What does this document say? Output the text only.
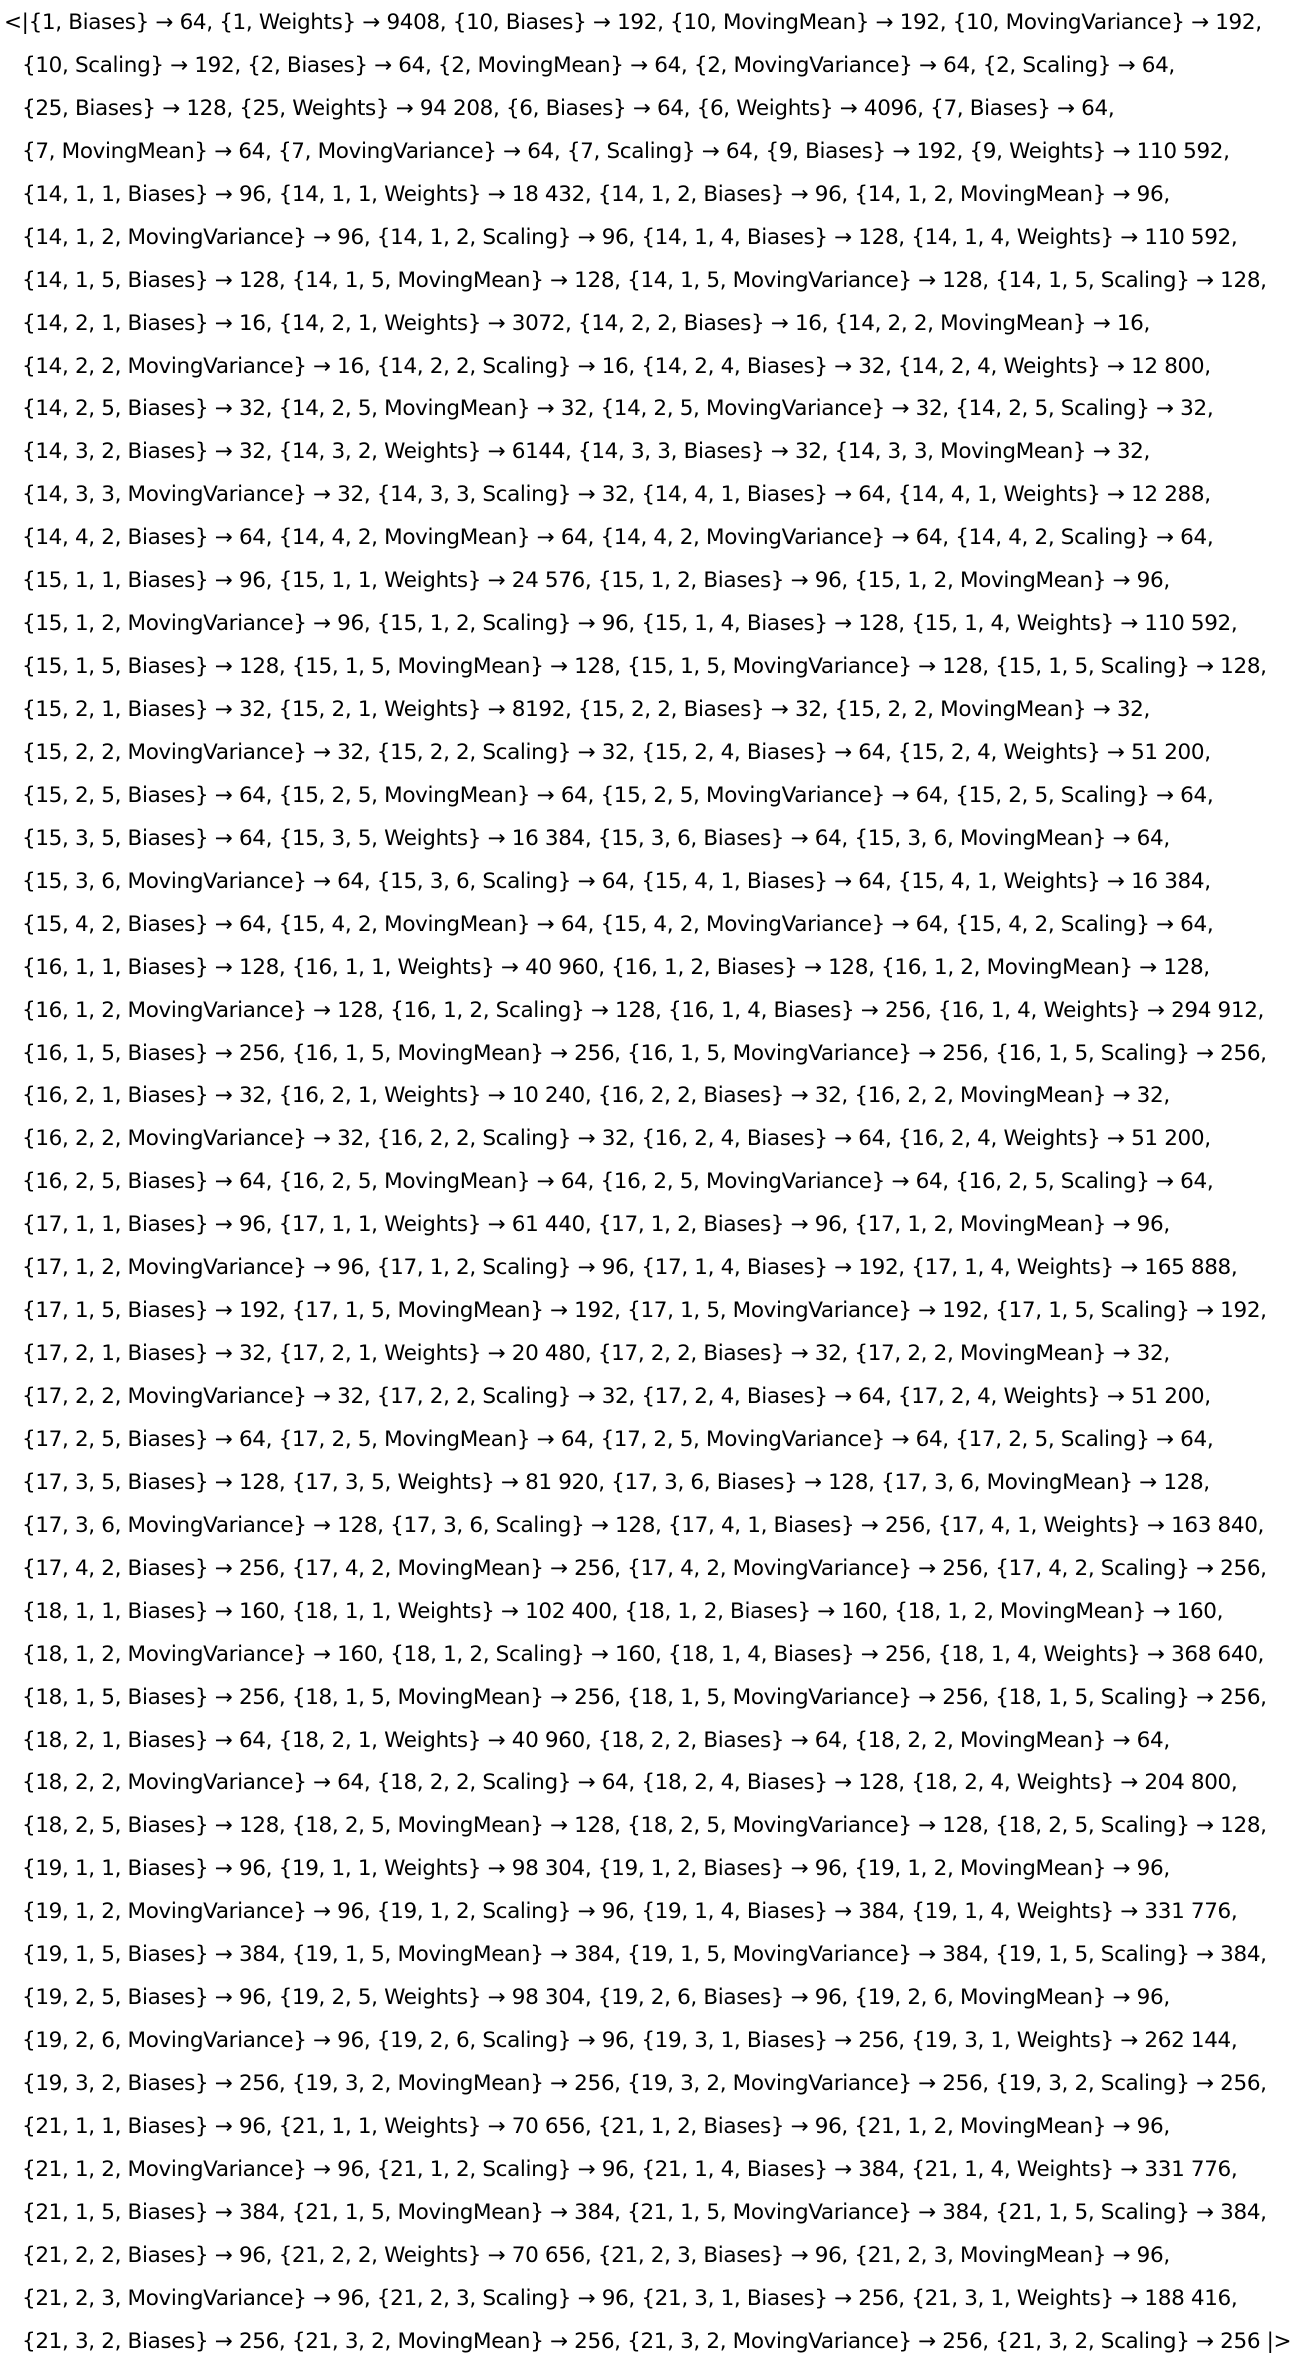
<|{1, Biases} → 64, {1, Weights} → 9408, {10, Biases} → 192, {10, MovingMean} → 192, {10, MovingVariance} → 192,
{10, Scaling} → 192, {2, Biases} → 64, {2, MovingMean} → 64, {2, MovingVariance} → 64, {2, Scaling} → 64,
{25, Biases} → 128, {25, Weights} → 94 208, {6, Biases} → 64, {6, Weights} → 4096, {7, Biases} → 64,
{7, MovingMean} → 64, {7, MovingVariance} → 64, {7, Scaling} → 64, {9, Biases} → 192, {9, Weights} → 110 592,
{14, 1, 1, Biases} → 96, {14, 1, 1, Weights} → 18 432, {14, 1, 2, Biases} → 96, {14, 1, 2, MovingMean} → 96,
{14, 1, 2, MovingVariance} → 96, {14, 1, 2, Scaling} → 96, {14, 1, 4, Biases} → 128, {14, 1, 4, Weights} → 110 592,
{14, 1, 5, Biases} → 128, {14, 1, 5, MovingMean} → 128, {14, 1, 5, MovingVariance} → 128, {14, 1, 5, Scaling} → 128,
{14, 2, 1, Biases} → 16, {14, 2, 1, Weights} → 3072, {14, 2, 2, Biases} → 16, {14, 2, 2, MovingMean} → 16,
{14, 2, 2, MovingVariance} → 16, {14, 2, 2, Scaling} → 16, {14, 2, 4, Biases} → 32, {14, 2, 4, Weights} → 12 800,
{14, 2, 5, Biases} → 32, {14, 2, 5, MovingMean} → 32, {14, 2, 5, MovingVariance} → 32, {14, 2, 5, Scaling} → 32,
{14, 3, 2, Biases} → 32, {14, 3, 2, Weights} → 6144, {14, 3, 3, Biases} → 32, {14, 3, 3, MovingMean} → 32,
{14, 3, 3, MovingVariance} → 32, {14, 3, 3, Scaling} → 32, {14, 4, 1, Biases} → 64, {14, 4, 1, Weights} → 12 288,
{14, 4, 2, Biases} → 64, {14, 4, 2, MovingMean} → 64, {14, 4, 2, MovingVariance} → 64, {14, 4, 2, Scaling} → 64,
{15, 1, 1, Biases} → 96, {15, 1, 1, Weights} → 24 576, {15, 1, 2, Biases} → 96, {15, 1, 2, MovingMean} → 96,
{15, 1, 2, MovingVariance} → 96, {15, 1, 2, Scaling} → 96, {15, 1, 4, Biases} → 128, {15, 1, 4, Weights} → 110 592,
{15, 1, 5, Biases} → 128, {15, 1, 5, MovingMean} → 128, {15, 1, 5, MovingVariance} → 128, {15, 1, 5, Scaling} → 128,
{15, 2, 1, Biases} → 32, {15, 2, 1, Weights} → 8192, {15, 2, 2, Biases} → 32, {15, 2, 2, MovingMean} → 32,
{15, 2, 2, MovingVariance} → 32, {15, 2, 2, Scaling} → 32, {15, 2, 4, Biases} → 64, {15, 2, 4, Weights} → 51 200,
{15, 2, 5, Biases} → 64, {15, 2, 5, MovingMean} → 64, {15, 2, 5, MovingVariance} → 64, {15, 2, 5, Scaling} → 64,
{15, 3, 5, Biases} → 64, {15, 3, 5, Weights} → 16 384, {15, 3, 6, Biases} → 64, {15, 3, 6, MovingMean} → 64,
{15, 3, 6, MovingVariance} → 64, {15, 3, 6, Scaling} → 64, {15, 4, 1, Biases} → 64, {15, 4, 1, Weights} → 16 384,
{15, 4, 2, Biases} → 64, {15, 4, 2, MovingMean} → 64, {15, 4, 2, MovingVariance} → 64, {15, 4, 2, Scaling} → 64,
{16, 1, 1, Biases} → 128, {16, 1, 1, Weights} → 40 960, {16, 1, 2, Biases} → 128, {16, 1, 2, MovingMean} → 128,
{16, 1, 2, MovingVariance} → 128, {16, 1, 2, Scaling} → 128, {16, 1, 4, Biases} → 256, {16, 1, 4, Weights} → 294 912,
{16, 1, 5, Biases} → 256, {16, 1, 5, MovingMean} → 256, {16, 1, 5, MovingVariance} → 256, {16, 1, 5, Scaling} → 256,
{16, 2, 1, Biases} → 32, {16, 2, 1, Weights} → 10 240, {16, 2, 2, Biases} → 32, {16, 2, 2, MovingMean} → 32,
{16, 2, 2, MovingVariance} → 32, {16, 2, 2, Scaling} → 32, {16, 2, 4, Biases} → 64, {16, 2, 4, Weights} → 51 200,
{16, 2, 5, Biases} → 64, {16, 2, 5, MovingMean} → 64, {16, 2, 5, MovingVariance} → 64, {16, 2, 5, Scaling} → 64,
{17, 1, 1, Biases} → 96, {17, 1, 1, Weights} → 61 440, {17, 1, 2, Biases} → 96, {17, 1, 2, MovingMean} → 96,
{17, 1, 2, MovingVariance} → 96, {17, 1, 2, Scaling} → 96, {17, 1, 4, Biases} → 192, {17, 1, 4, Weights} → 165 888,
{17, 1, 5, Biases} → 192, {17, 1, 5, MovingMean} → 192, {17, 1, 5, MovingVariance} → 192, {17, 1, 5, Scaling} → 192,
{17, 2, 1, Biases} → 32, {17, 2, 1, Weights} → 20 480, {17, 2, 2, Biases} → 32, {17, 2, 2, MovingMean} → 32,
{17, 2, 2, MovingVariance} → 32, {17, 2, 2, Scaling} → 32, {17, 2, 4, Biases} → 64, {17, 2, 4, Weights} → 51 200,
{17, 2, 5, Biases} → 64, {17, 2, 5, MovingMean} → 64, {17, 2, 5, MovingVariance} → 64, {17, 2, 5, Scaling} → 64,
{17, 3, 5, Biases} → 128, {17, 3, 5, Weights} → 81 920, {17, 3, 6, Biases} → 128, {17, 3, 6, MovingMean} → 128,
{17, 3, 6, MovingVariance} → 128, {17, 3, 6, Scaling} → 128, {17, 4, 1, Biases} → 256, {17, 4, 1, Weights} → 163 840,
{17, 4, 2, Biases} → 256, {17, 4, 2, MovingMean} → 256, {17, 4, 2, MovingVariance} → 256, {17, 4, 2, Scaling} → 256,
{18, 1, 1, Biases} → 160, {18, 1, 1, Weights} → 102 400, {18, 1, 2, Biases} → 160, {18, 1, 2, MovingMean} → 160,
{18, 1, 2, MovingVariance} → 160, {18, 1, 2, Scaling} → 160, {18, 1, 4, Biases} → 256, {18, 1, 4, Weights} → 368 640,
{18, 1, 5, Biases} → 256, {18, 1, 5, MovingMean} → 256, {18, 1, 5, MovingVariance} → 256, {18, 1, 5, Scaling} → 256,
{18, 2, 1, Biases} → 64, {18, 2, 1, Weights} → 40 960, {18, 2, 2, Biases} → 64, {18, 2, 2, MovingMean} → 64,
{18, 2, 2, MovingVariance} → 64, {18, 2, 2, Scaling} → 64, {18, 2, 4, Biases} → 128, {18, 2, 4, Weights} → 204 800,
{18, 2, 5, Biases} → 128, {18, 2, 5, MovingMean} → 128, {18, 2, 5, MovingVariance} → 128, {18, 2, 5, Scaling} → 128,
{19, 1, 1, Biases} → 96, {19, 1, 1, Weights} → 98 304, {19, 1, 2, Biases} → 96, {19, 1, 2, MovingMean} → 96,
{19, 1, 2, MovingVariance} → 96, {19, 1, 2, Scaling} → 96, {19, 1, 4, Biases} → 384, {19, 1, 4, Weights} → 331 776,
{19, 1, 5, Biases} → 384, {19, 1, 5, MovingMean} → 384, {19, 1, 5, MovingVariance} → 384, {19, 1, 5, Scaling} → 384,
{19, 2, 5, Biases} → 96, {19, 2, 5, Weights} → 98 304, {19, 2, 6, Biases} → 96, {19, 2, 6, MovingMean} → 96,
{19, 2, 6, MovingVariance} → 96, {19, 2, 6, Scaling} → 96, {19, 3, 1, Biases} → 256, {19, 3, 1, Weights} → 262 144,
{19, 3, 2, Biases} → 256, {19, 3, 2, MovingMean} → 256, {19, 3, 2, MovingVariance} → 256, {19, 3, 2, Scaling} → 256,
{21, 1, 1, Biases} → 96, {21, 1, 1, Weights} → 70 656, {21, 1, 2, Biases} → 96, {21, 1, 2, MovingMean} → 96,
{21, 1, 2, MovingVariance} → 96, {21, 1, 2, Scaling} → 96, {21, 1, 4, Biases} → 384, {21, 1, 4, Weights} → 331 776,
{21, 1, 5, Biases} → 384, {21, 1, 5, MovingMean} → 384, {21, 1, 5, MovingVariance} → 384, {21, 1, 5, Scaling} → 384,
{21, 2, 2, Biases} → 96, {21, 2, 2, Weights} → 70 656, {21, 2, 3, Biases} → 96, {21, 2, 3, MovingMean} → 96,
{21, 2, 3, MovingVariance} → 96, {21, 2, 3, Scaling} → 96, {21, 3, 1, Biases} → 256, {21, 3, 1, Weights} → 188 416,
{21, 3, 2, Biases} → 256, {21, 3, 2, MovingMean} → 256, {21, 3, 2, MovingVariance} → 256, {21, 3, 2, Scaling} → 256 |>
